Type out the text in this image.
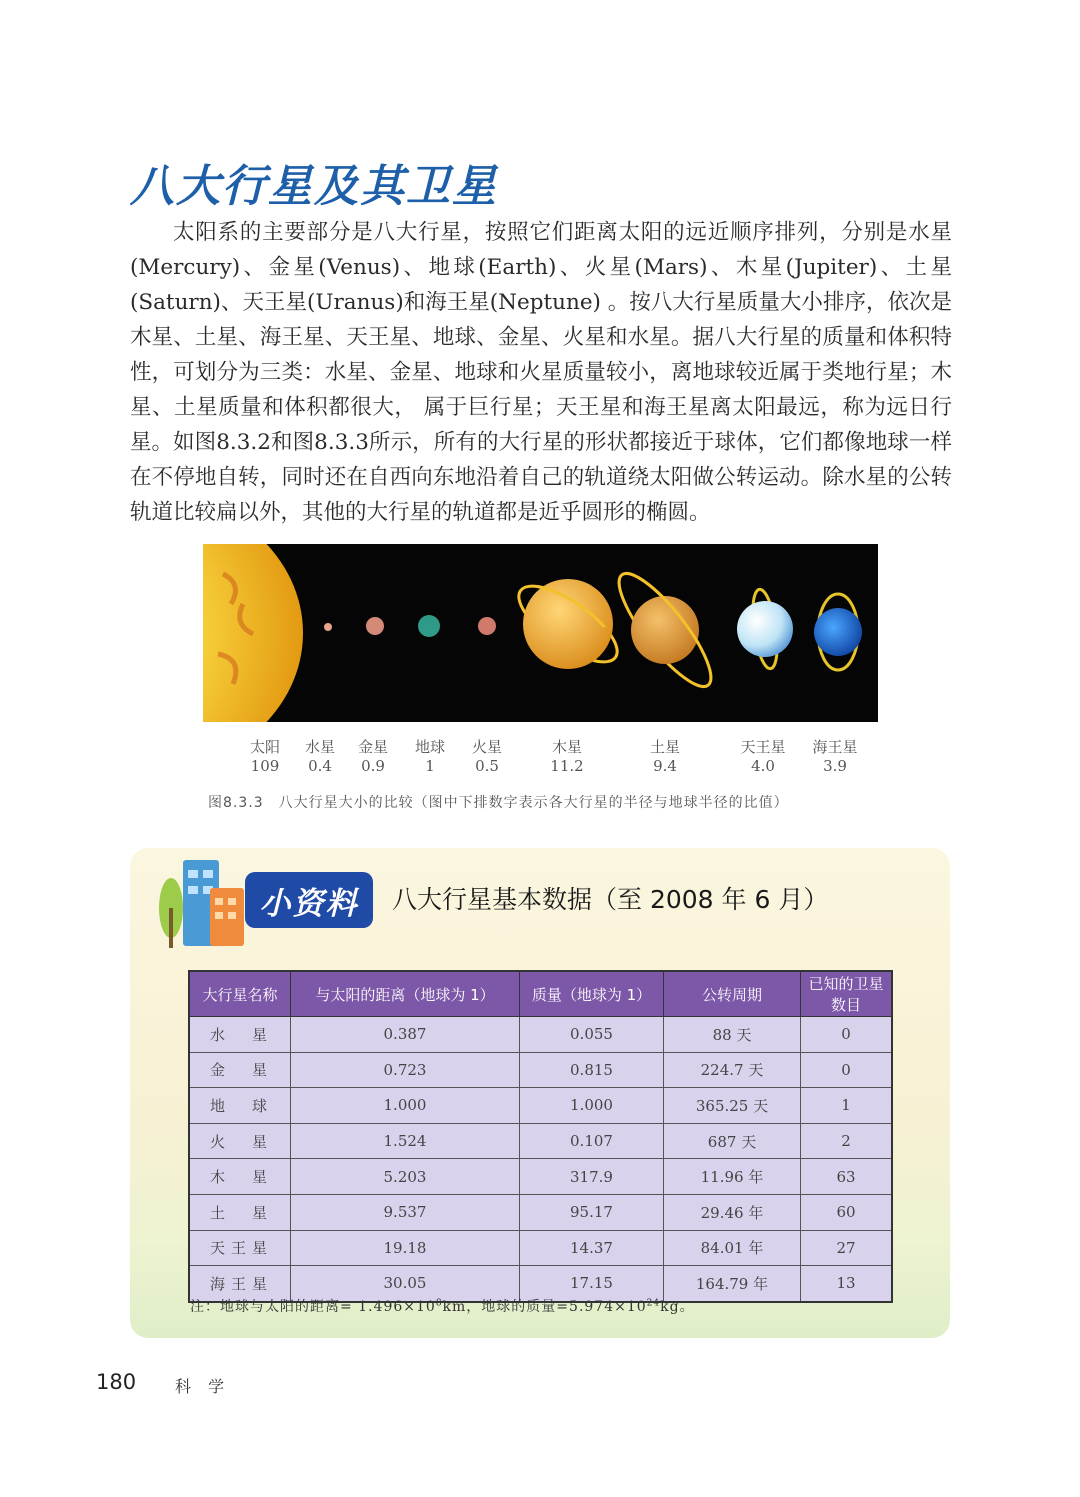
八大行星及其卫星

太阳系的主要部分是八大行星，按照它们距离太阳的远近顺序排列，分别是水星(Mercury)、金星(Venus)、地球(Earth)、火星(Mars)、木星(Jupiter)、土星(Saturn)、天王星(Uranus)和海王星(Neptune) 。按八大行星质量大小排序，依次是木星、土星、海王星、天王星、地球、金星、火星和水星。据八大行星的质量和体积特性，可划分为三类：水星、金星、地球和火星质量较小，离地球较近属于类地行星；木星、土星质量和体积都很大， 属于巨行星；天王星和海王星离太阳最远，称为远日行星。 如图8.3.2和图8.3.3所示，所有的大行星的形状都接近于球体，它们都像地球一样在不停地自转，同时还在自西向东地沿着自己的轨道绕太阳做公转运动。除水星的公转轨道比较扁以外，其他的大行星的轨道都是近乎圆形的椭圆。

太阳
109
水星
0.4
金星
0.9
地球
1
火星
0.5
木星
11.2
土星
9.4
天王星
4.0
海王星
3.9
图8.3.3　八大行星大小的比较（图中下排数字表示各大行星的半径与地球半径的比值）
小资料	八大行星基本数据（至 2008 年 6 月）
大行星名称	与太阳的距离（地球为 1）	质量（地球为 1）	公转周期	已知的卫星数目
水　星	0.387	0.055	88 天	0
金　星	0.723	0.815	224.7 天	0
地　球	1.000	1.000	365.25 天	1
火　星	1.524	0.107	687 天	2
木　星	5.203	317.9	11.96 年	63
土　星	9.537	95.17	29.46 年	60
天王星	19.18	14.37	84.01 年	27
海王星	30.05	17.15	164.79 年	13
注：地球与太阳的距离= $1.496\times 10^8km$，地球的质量$=5.974\times 10^{24}kg$。
180 科 学
